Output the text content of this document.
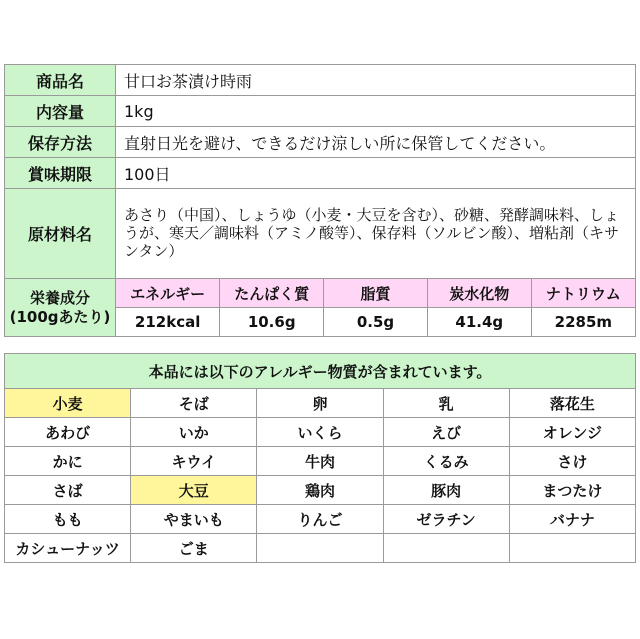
商品名	甘口お茶漬け時雨
内容量	1kg
保存方法	直射日光を避け、できるだけ涼しい所に保管してください。
賞味期限	100日
原材料名	あさり（中国）、しょうゆ（小麦・大豆を含む）、砂糖、発酵調味料、しょうが、寒天／調味料（アミノ酸等）、保存料（ソルビン酸）、増粘剤（キサンタン）

栄養成分
(100gあたり)

エネルギー	たんぱく質	脂質	炭水化物	ナトリウム
212kcal	10.6g	0.5g	41.4g	2285m
本品には以下のアレルギー物質が含まれています。				
小麦	そば	卵	乳	落花生
あわび	いか	いくら	えび	オレンジ
かに	キウイ	牛肉	くるみ	さけ
さば	大豆	鶏肉	豚肉	まつたけ
もも	やまいも	りんご	ゼラチン	バナナ
カシューナッツ	ごま			
